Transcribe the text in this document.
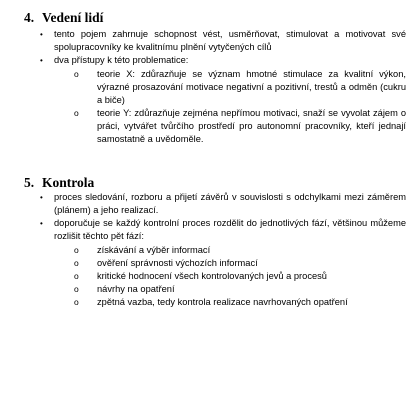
4. Vedení lidí
• tento pojem zahrnuje schopnost vést, usměrňovat, stimulovat a motivovat své spolupracovníky ke kvalitnímu plnění vytyčených cílů
• dva přístupy k této problematice:
o teorie X: zdůrazňuje se význam hmotné stimulace za kvalitní výkon, výrazné prosazování motivace negativní a pozitivní, trestů a odměn (cukru a biče)
o teorie Y: zdůrazňuje zejména nepřímou motivaci, snaží se vyvolat zájem o práci, vytvářet tvůrčího prostředí pro autonomní pracovníky, kteří jednají samostatně a uvědoměle.
5. Kontrola
• proces sledování, rozboru a přijetí závěrů v souvislosti s odchylkami mezi záměrem (plánem) a jeho realizací.
• doporučuje se každý kontrolní proces rozdělit do jednotlivých fází, většinou můžeme rozlišit těchto pět fází:
o získávání a výběr informací
o ověření správnosti výchozích informací
o kritické hodnocení všech kontrolovaných jevů a procesů
o návrhy na opatření
o zpětná vazba, tedy kontrola realizace navrhovaných opatření
